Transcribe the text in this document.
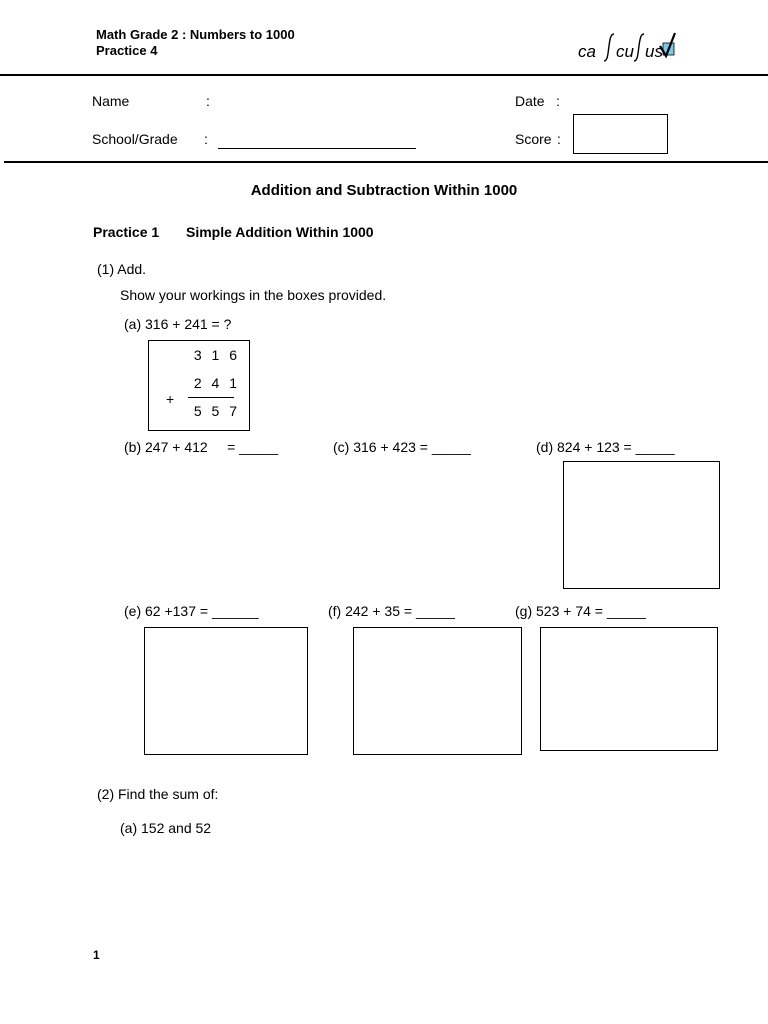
Math Grade 2 : Numbers to 1000
Practice 4	ca cu us
Name	:	Date :
School/Grade :	Score :
Addition and Subtraction Within 1000
Practice 1 Simple Addition Within 1000
(1) Add.
Show your workings in the boxes provided.
(a) 316 + 241 = ?
3 1 6
2 4 1
+
5 5 7
(b) 247 + 412     = _____	(c) 316 + 423 = _____	(d) 824 + 123 = _____
(e) 62 +137 = ______	(f) 242 + 35 = _____	(g) 523 + 74 = _____
(2) Find the sum of:
(a) 152 and 52
1
